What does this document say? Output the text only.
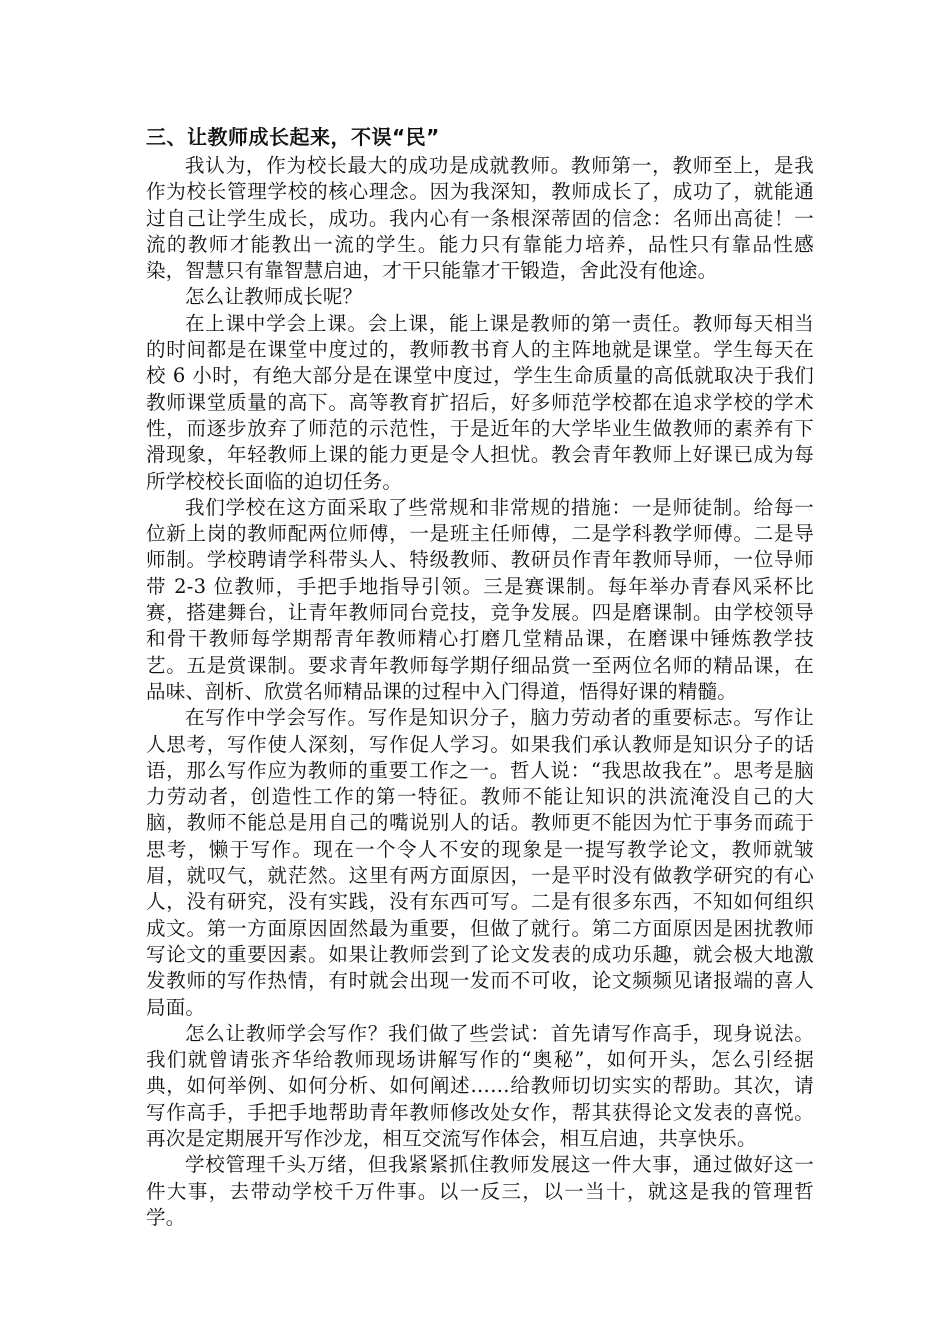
三、让教师成长起来，不误“民”

我认为，作为校长最大的成功是成就教师。教师第一，教师至上，是我作为校长管理学校的核心理念。因为我深知，教师成长了，成功了，就能通过自己让学生成长，成功。我内心有一条根深蒂固的信念：名师出高徒！一流的教师才能教出一流的学生。能力只有靠能力培养，品性只有靠品性感染，智慧只有靠智慧启迪，才干只能靠才干锻造，舍此没有他途。

怎么让教师成长呢？

在上课中学会上课。会上课，能上课是教师的第一责任。教师每天相当的时间都是在课堂中度过的，教师教书育人的主阵地就是课堂。学生每天在校 6 小时，有绝大部分是在课堂中度过，学生生命质量的高低就取决于我们教师课堂质量的高下。高等教育扩招后，好多师范学校都在追求学校的学术性，而逐步放弃了师范的示范性，于是近年的大学毕业生做教师的素养有下滑现象，年轻教师上课的能力更是令人担忧。教会青年教师上好课已成为每所学校校长面临的迫切任务。

我们学校在这方面采取了些常规和非常规的措施：一是师徒制。给每一位新上岗的教师配两位师傅，一是班主任师傅，二是学科教学师傅。二是导师制。学校聘请学科带头人、特级教师、教研员作青年教师导师，一位导师带 2-3 位教师，手把手地指导引领。三是赛课制。每年举办青春风采杯比赛，搭建舞台，让青年教师同台竞技，竞争发展。四是磨课制。由学校领导和骨干教师每学期帮青年教师精心打磨几堂精品课，在磨课中锤炼教学技艺。五是赏课制。要求青年教师每学期仔细品赏一至两位名师的精品课，在品味、剖析、欣赏名师精品课的过程中入门得道，悟得好课的精髓。

在写作中学会写作。写作是知识分子，脑力劳动者的重要标志。写作让人思考，写作使人深刻，写作促人学习。如果我们承认教师是知识分子的话语，那么写作应为教师的重要工作之一。哲人说：“我思故我在”。思考是脑力劳动者，创造性工作的第一特征。教师不能让知识的洪流淹没自己的大脑，教师不能总是用自己的嘴说别人的话。教师更不能因为忙于事务而疏于思考，懒于写作。现在一个令人不安的现象是一提写教学论文，教师就皱眉，就叹气，就茫然。这里有两方面原因，一是平时没有做教学研究的有心人，没有研究，没有实践，没有东西可写。二是有很多东西，不知如何组织成文。第一方面原因固然最为重要，但做了就行。第二方面原因是困扰教师写论文的重要因素。如果让教师尝到了论文发表的成功乐趣，就会极大地激发教师的写作热情，有时就会出现一发而不可收，论文频频见诸报端的喜人局面。

怎么让教师学会写作？我们做了些尝试：首先请写作高手，现身说法。我们就曾请张齐华给教师现场讲解写作的“奥秘”，如何开头，怎么引经据典，如何举例、如何分析、如何阐述……给教师切切实实的帮助。其次，请写作高手，手把手地帮助青年教师修改处女作，帮其获得论文发表的喜悦。再次是定期展开写作沙龙，相互交流写作体会，相互启迪，共享快乐。

学校管理千头万绪，但我紧紧抓住教师发展这一件大事，通过做好这一件大事，去带动学校千万件事。以一反三，以一当十，就这是我的管理哲学。
